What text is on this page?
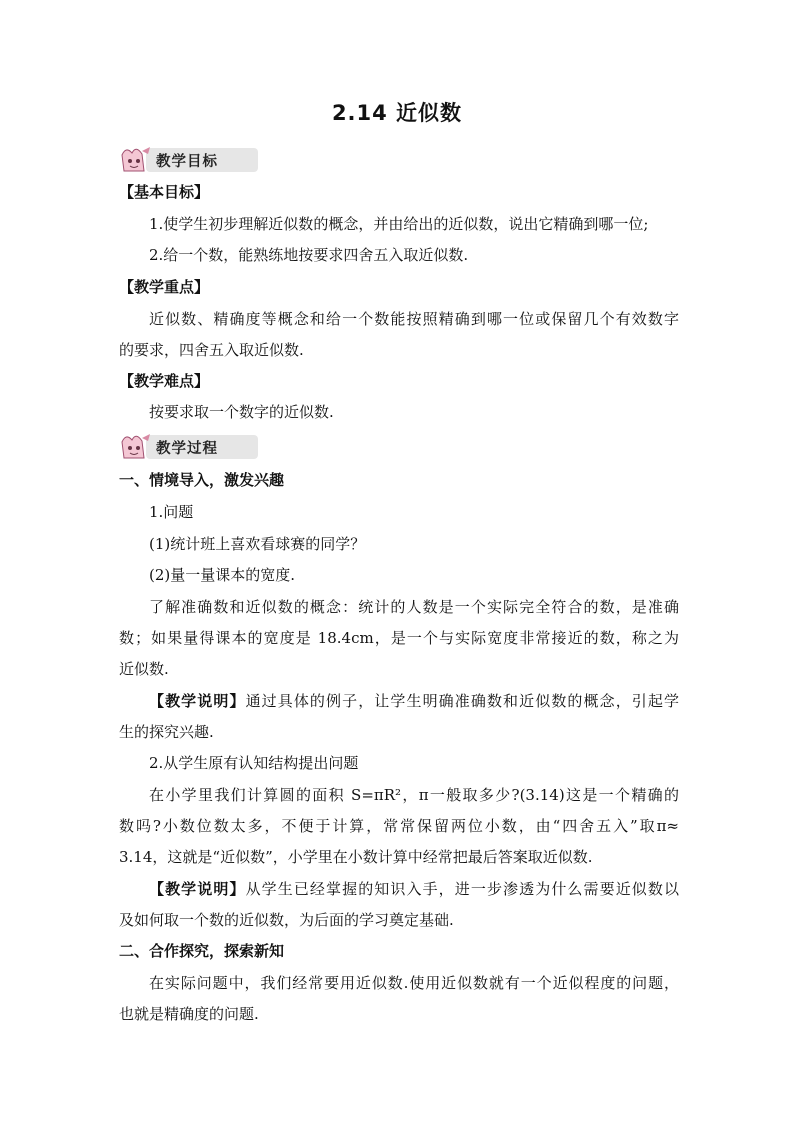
2.14 近似数
教学目标
【基本目标】
1.使学生初步理解近似数的概念，并由给出的近似数，说出它精确到哪一位;
2.给一个数，能熟练地按要求四舍五入取近似数.
【教学重点】
近似数、精确度等概念和给一个数能按照精确到哪一位或保留几个有效数字
的要求，四舍五入取近似数.
【教学难点】
按要求取一个数字的近似数.
教学过程
一、情境导入，激发兴趣
1.问题
(1)统计班上喜欢看球赛的同学？
(2)量一量课本的宽度.
了解准确数和近似数的概念：统计的人数是一个实际完全符合的数，是准确
数；如果量得课本的宽度是 18.4cm，是一个与实际宽度非常接近的数，称之为
近似数.
【教学说明】通过具体的例子，让学生明确准确数和近似数的概念，引起学
生的探究兴趣.
2.从学生原有认知结构提出问题
在小学里我们计算圆的面积 S=πR²，π一般取多少?(3.14)这是一个精确的
数吗?小数位数太多，不便于计算，常常保留两位小数，由“四舍五入”取π≈
3.14，这就是“近似数”，小学里在小数计算中经常把最后答案取近似数.
【教学说明】从学生已经掌握的知识入手，进一步渗透为什么需要近似数以
及如何取一个数的近似数，为后面的学习奠定基础.
二、合作探究，探索新知
在实际问题中，我们经常要用近似数.使用近似数就有一个近似程度的问题，
也就是精确度的问题.
